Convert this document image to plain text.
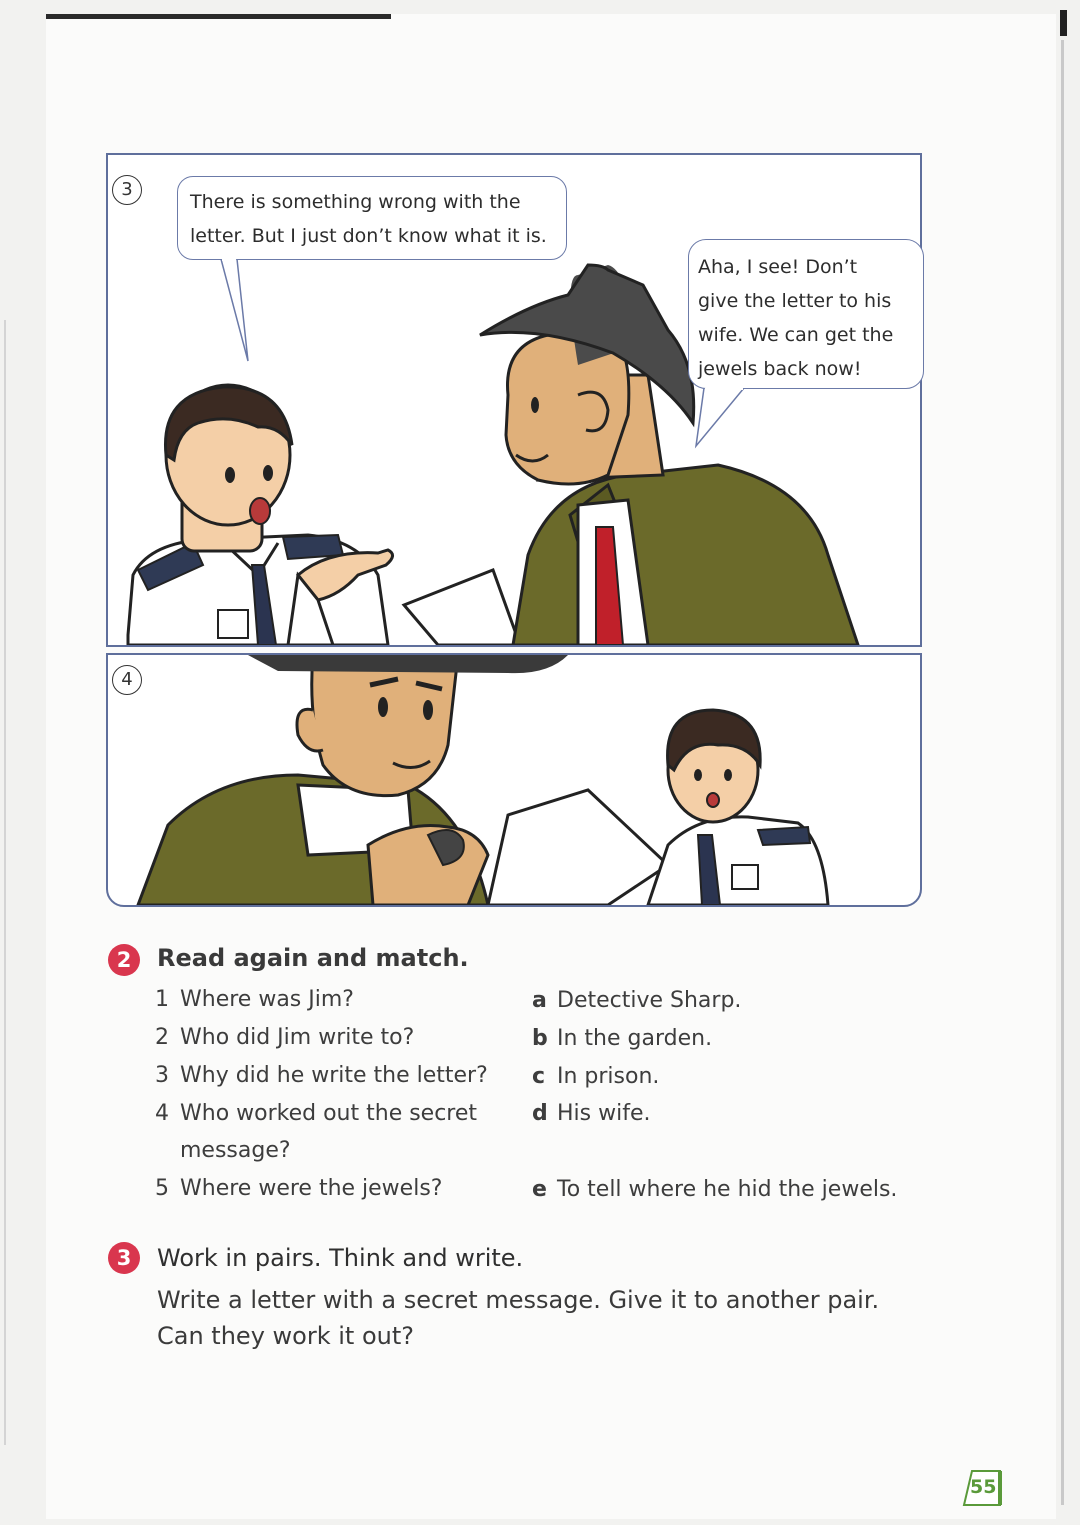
3
There is something wrong with the
letter. But I just don’t know what it is.
Aha, I see! Don’t
give the letter to his
wife. We can get the
jewels back now!
4
2	Read again and match.
1 Where was Jim?
2 Who did Jim write to?
3 Why did he write the letter?
4 Who worked out the secret
message?
5 Where were the jewels?
a Detective Sharp.
b In the garden.
c In prison.
d His wife.
e To tell where he hid the jewels.
3	Work in pairs. Think and write.
Write a letter with a secret message. Give it to another pair.
Can they work it out?
55
